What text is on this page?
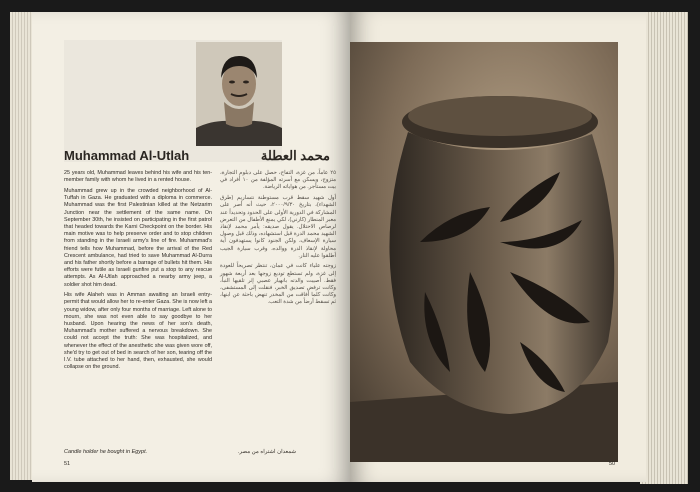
Muhammad Al-Utlah	محمد العطلة

25 years old, Muhammad leaves behind his wife and his ten-member family with whom he lived in a rented house.

Muhammad grew up in the crowded neighborhood of Al-Tuffah in Gaza. He graduated with a diploma in commerce. Muhammad was the first Palestinian killed at the Netzarim Junction near the settlement of the same name. On September 30th, he insisted on participating in the first patrol that headed towards the Karni Checkpoint on the border. His main motive was to help preserve order and to stop children from standing in the Israeli army's line of fire. Muhammad's friend tells how Muhammad, before the arrival of the Red Crescent ambulance, had tried to save Muhammad Al-Durra and his father shortly before a barrage of bullets hit them. His efforts were futile as Israeli gunfire put a stop to any rescue attempts. As Al-Utlah approached a nearby army jeep, a soldier shot him dead.

His wife Alaheh was in Amman awaiting an Israeli entry-permit that would allow her to re-enter Gaza. She is now left a young widow, after only four months of marriage. Left alone to mourn, she was not even able to say goodbye to her husband. Upon hearing the news of her son's death, Muhammad's mother suffered a nervous breakdown. She could not accept the truth: She was hospitalized, and whenever the effect of the anesthetic she was given wore off, she'd try to get out of bed in search of her son, tearing off the I.V. tube attached to her hand, then, exhausted, she would collapse on the ground.

٢٥ عاماً، من غزة، التفاح، حصل على دبلوم التجارة، متزوج، ويسكن مع أسرته المؤلفة من ١٠ أفراد في بيت مستأجر. من هواياته الرياضة.

أول شهيد سقط قرب مستوطنة نتساريم (طرق الشهداء)، بتاريخ ٢٠٠٠/٩/٣٠، حيث أنه أصر على المشاركة في الدورية الأولى على الحدود وتحديداً عند معبر المنطار (كارني)، لكي يمنع الأطفال من التعرض لرصاص الاحتلال. يقول صديقه: يأمر محمد لإنقاذ الشهيد محمد الدرة قبل استشهاده، وذلك قبل وصول سيارة الإسعاف، ولكن الجنود كانوا يستهدفون أية محاولة لإنقاذ الدرة ووالده، وقرب سيارة الجيب أطلقوا عليه النار.

زوجته علياء كانت في عمان، تنتظر تصريحاً للعودة إلى غزة، ولم تستطع توديع زوجها بعد أربعة شهور فقط. أصيبت والدته بانهيار عصبي إثر تلقيها النبأ، وكانت ترفض تصديق الخبر، فنقلت إلى المستشفى، وكانت كلما أفاقت من المخدر تنهض باحثة عن ابنها، ثم تسقط أرضاً من شدة التعب.

Candle holder he bought in Egypt.	شمعدان اشتراه من مصر.
51	50
